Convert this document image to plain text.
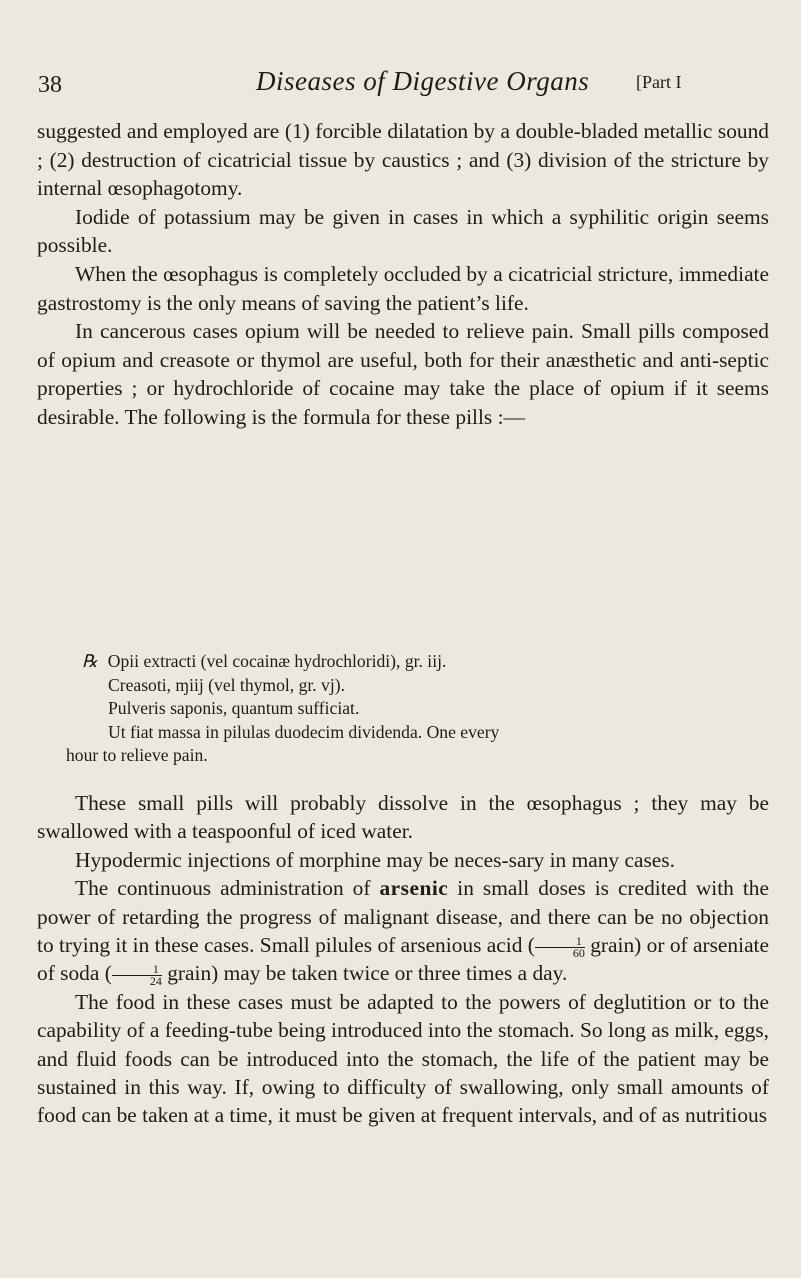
38	Diseases of Digestive Organs	[Part I

suggested and employed are (1) forcible dilatation by a double-bladed metallic sound ; (2) destruction of cicatricial tissue by caustics ; and (3) division of the stricture by internal œsophagotomy.

Iodide of potassium may be given in cases in which a syphilitic origin seems possible.

When the œsophagus is completely occluded by a cicatricial stricture, immediate gastrostomy is the only means of saving the patient’s life.

In cancerous cases opium will be needed to relieve pain. Small pills composed of opium and creasote or thymol are useful, both for their anæsthetic and anti-septic properties ; or hydrochloride of cocaine may take the place of opium if it seems desirable. The following is the formula for these pills :—

℞ Opii extracti (vel cocainæ hydrochloridi), gr. iij.

Creasoti, ɱiij (vel thymol, gr. vj).

Pulveris saponis, quantum sufficiat.

Ut fiat massa in pilulas duodecim dividenda. One every

hour to relieve pain.

These small pills will probably dissolve in the œsophagus ; they may be swallowed with a teaspoonful of iced water.

Hypodermic injections of morphine may be neces-sary in many cases.

The continuous administration of arsenic in small doses is credited with the power of retarding the progress of malignant disease, and there can be no objection to trying it in these cases. Small pilules of arsenious acid ( $\frac{1}{60}$ grain) or of arseniate of soda ( $\frac{1}{24}$ grain) may be taken twice or three times a day.

The food in these cases must be adapted to the powers of deglutition or to the capability of a feeding-tube being introduced into the stomach. So long as milk, eggs, and fluid foods can be introduced into the stomach, the life of the patient may be sustained in this way. If, owing to difficulty of swallowing, only small amounts of food can be taken at a time, it must be given at frequent intervals, and of as nutritious
